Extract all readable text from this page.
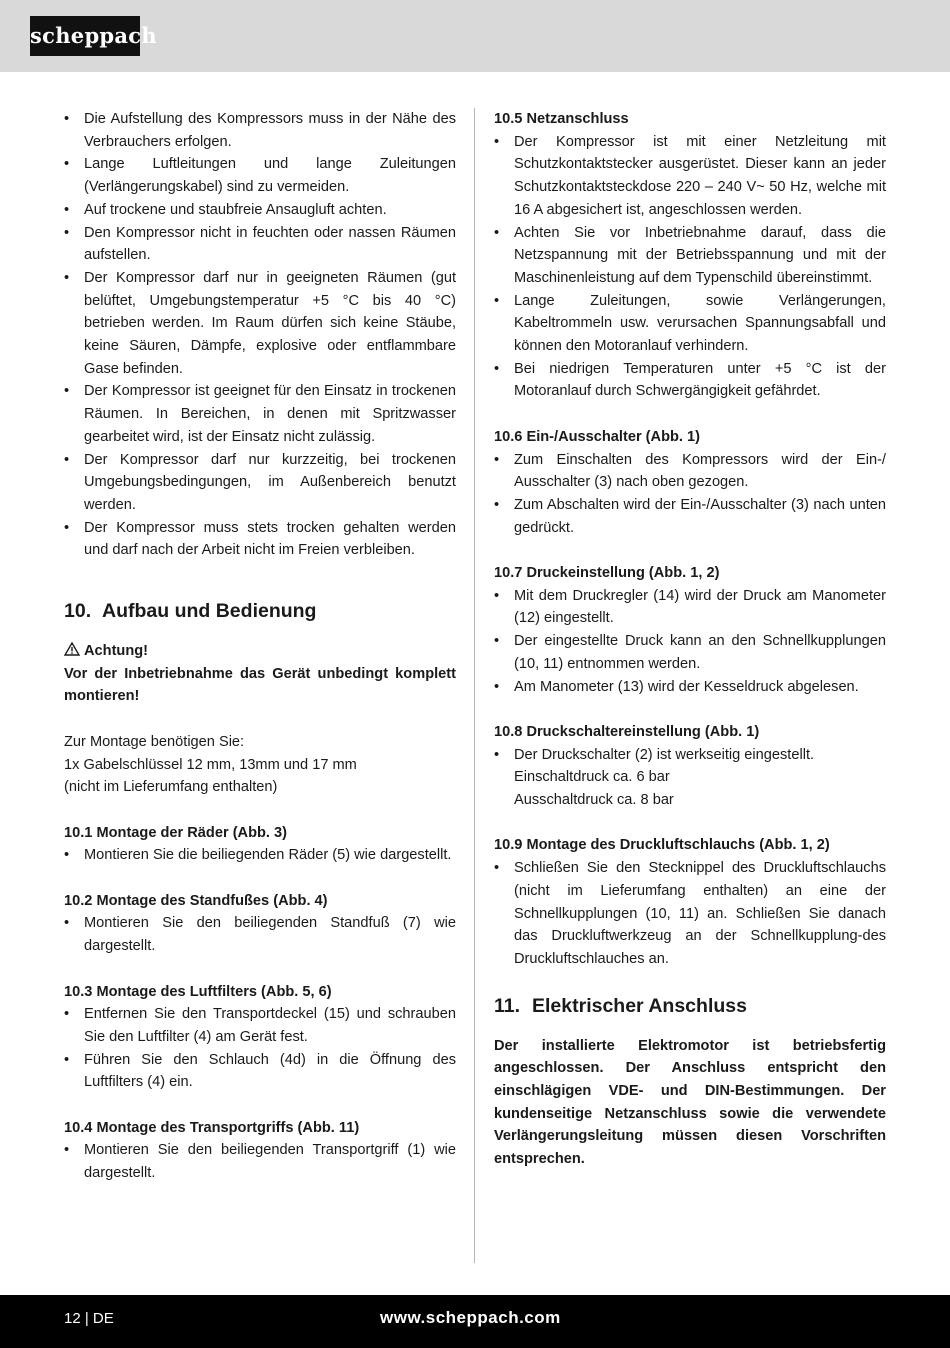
scheppach
• Die Aufstellung des Kompressors muss in der Nähe des Verbrauchers erfolgen.
• Lange Luftleitungen und lange Zuleitungen (Verlängerungskabel) sind zu vermeiden.
• Auf trockene und staubfreie Ansaugluft achten.
• Den Kompressor nicht in feuchten oder nassen Räumen aufstellen.
• Der Kompressor darf nur in geeigneten Räumen (gut belüftet, Umgebungstemperatur +5 °C bis 40 °C) betrieben werden. Im Raum dürfen sich keine Stäube, keine Säuren, Dämpfe, explosive oder entflammbare Gase befinden.
• Der Kompressor ist geeignet für den Einsatz in trockenen Räumen. In Bereichen, in denen mit Spritzwasser gearbeitet wird, ist der Einsatz nicht zulässig.
• Der Kompressor darf nur kurzzeitig, bei trockenen Umgebungsbedingungen, im Außenbereich benutzt werden.
• Der Kompressor muss stets trocken gehalten werden und darf nach der Arbeit nicht im Freien verbleiben.
10. Aufbau und Bedienung
Achtung!
Vor der Inbetriebnahme das Gerät unbedingt komplett montieren!
Zur Montage benötigen Sie:
1x Gabelschlüssel 12 mm, 13mm und 17 mm
(nicht im Lieferumfang enthalten)
10.1 Montage der Räder (Abb. 3)
• Montieren Sie die beiliegenden Räder (5) wie dargestellt.
10.2 Montage des Standfußes (Abb. 4)
• Montieren Sie den beiliegenden Standfuß (7) wie dargestellt.
10.3 Montage des Luftfilters (Abb. 5, 6)
• Entfernen Sie den Transportdeckel (15) und schrauben Sie den Luftfilter (4) am Gerät fest.
• Führen Sie den Schlauch (4d) in die Öffnung des Luftfilters (4) ein.
10.4 Montage des Transportgriffs (Abb. 11)
• Montieren Sie den beiliegenden Transportgriff (1) wie dargestellt.
10.5 Netzanschluss
• Der Kompressor ist mit einer Netzleitung mit Schutzkontaktstecker ausgerüstet. Dieser kann an jeder Schutzkontaktsteckdose 220 – 240 V~ 50 Hz, welche mit 16 A abgesichert ist, angeschlossen werden.
• Achten Sie vor Inbetriebnahme darauf, dass die Netzspannung mit der Betriebsspannung und mit der Maschinenleistung auf dem Typenschild übereinstimmt.
• Lange Zuleitungen, sowie Verlängerungen, Kabeltrommeln usw. verursachen Spannungsabfall und können den Motoranlauf verhindern.
• Bei niedrigen Temperaturen unter +5 °C ist der Motoranlauf durch Schwergängigkeit gefährdet.
10.6 Ein-/Ausschalter (Abb. 1)
• Zum Einschalten des Kompressors wird der Ein-/ Ausschalter (3) nach oben gezogen.
• Zum Abschalten wird der Ein-/Ausschalter (3) nach unten gedrückt.
10.7 Druckeinstellung (Abb. 1, 2)
• Mit dem Druckregler (14) wird der Druck am Manometer (12) eingestellt.
• Der eingestellte Druck kann an den Schnellkupplungen (10, 11) entnommen werden.
• Am Manometer (13) wird der Kesseldruck abgelesen.
10.8 Druckschaltereinstellung (Abb. 1)
• Der Druckschalter (2) ist werkseitig eingestellt.
Einschaltdruck ca. 6 bar
Ausschaltdruck ca. 8 bar
10.9 Montage des Druckluftschlauchs (Abb. 1, 2)
• Schließen Sie den Stecknippel des Druckluftschlauchs (nicht im Lieferumfang enthalten) an eine der Schnellkupplungen (10, 11) an. Schließen Sie danach das Druckluftwerkzeug an der Schnellkupplung-des Druckluftschlauches an.
11. Elektrischer Anschluss
Der installierte Elektromotor ist betriebsfertig angeschlossen. Der Anschluss entspricht den einschlägigen VDE- und DIN-Bestimmungen. Der kundenseitige Netzanschluss sowie die verwendete Verlängerungsleitung müssen diesen Vorschriften entsprechen.
12 | DE	www.scheppach.com
